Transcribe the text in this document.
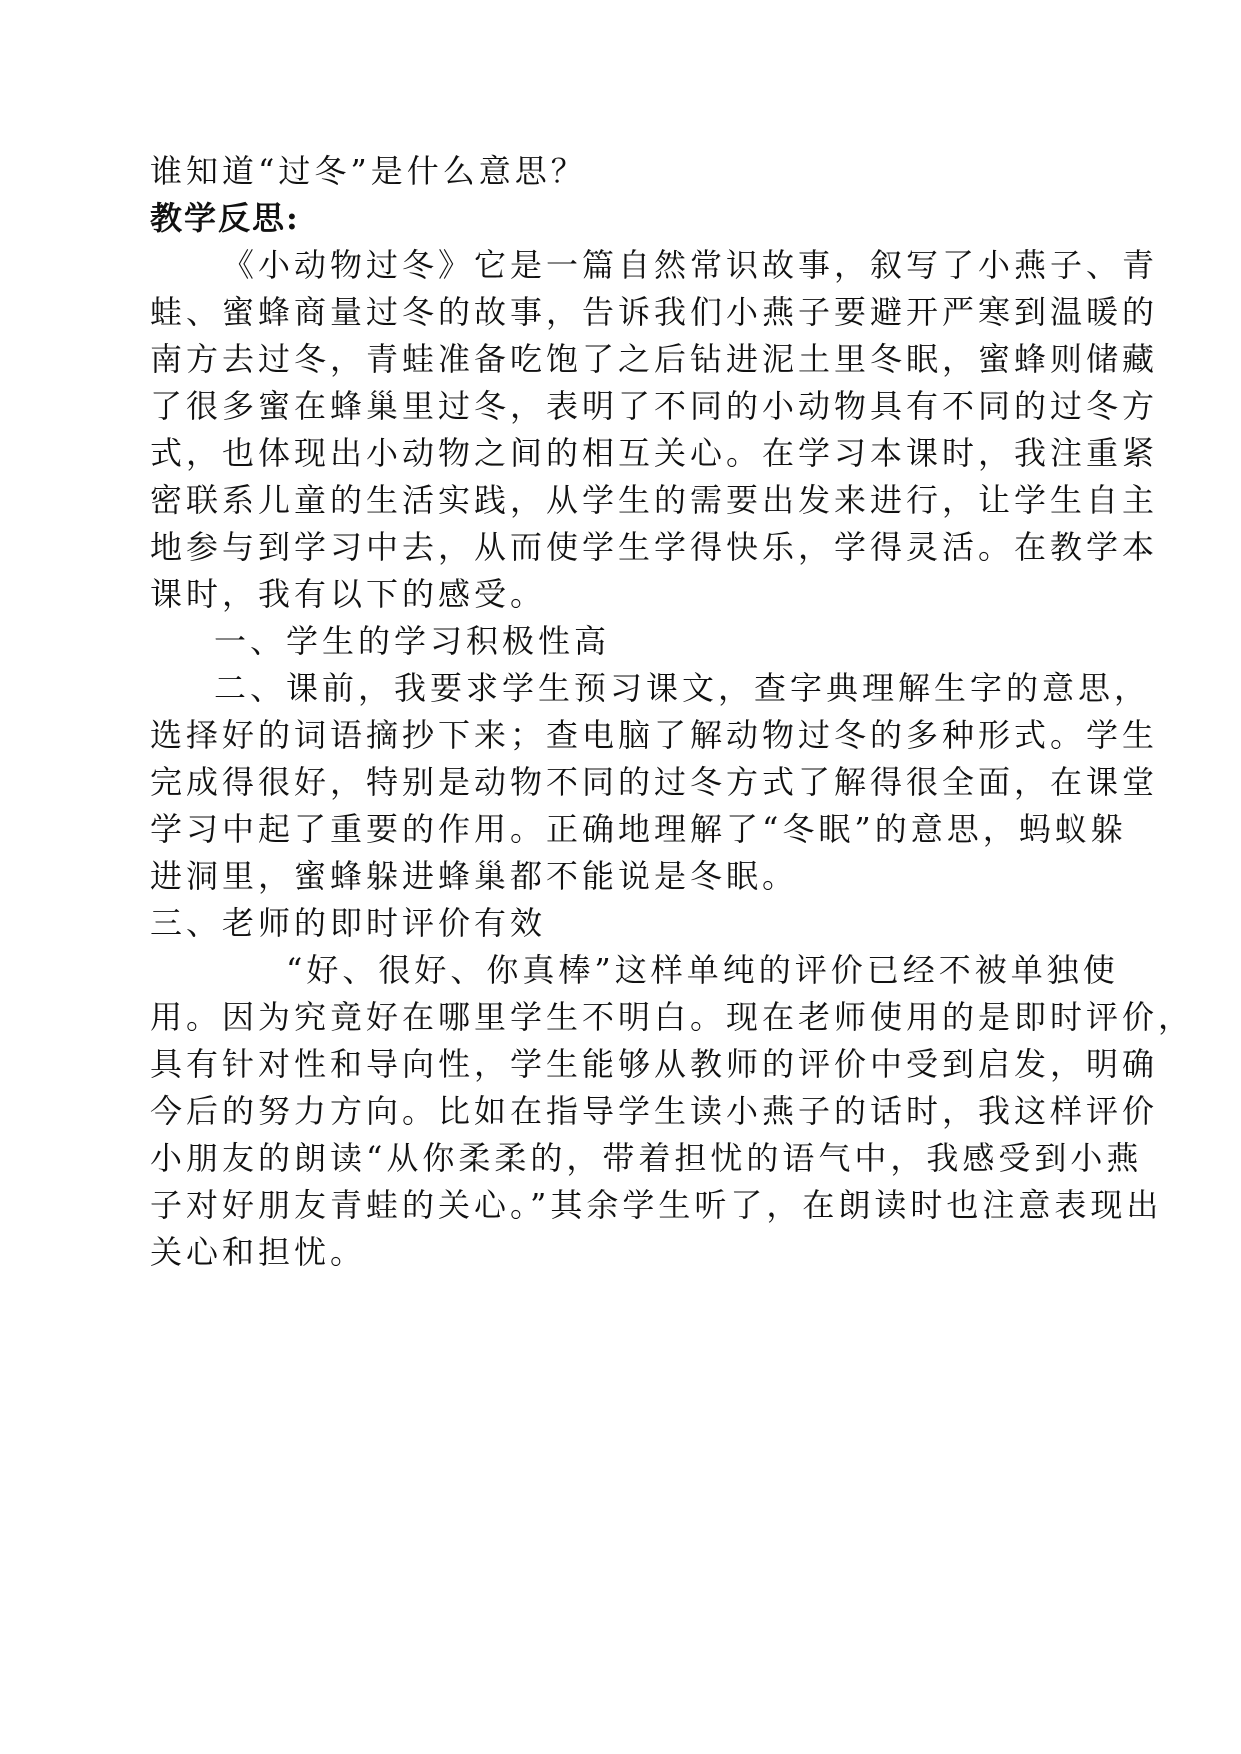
谁知道“过冬”是什么意思？
教学反思:
《小动物过冬》它是一篇自然常识故事，叙写了小燕子、青
蛙、蜜蜂商量过冬的故事，告诉我们小燕子要避开严寒到温暖的
南方去过冬，青蛙准备吃饱了之后钻进泥土里冬眠，蜜蜂则储藏
了很多蜜在蜂巢里过冬，表明了不同的小动物具有不同的过冬方
式，也体现出小动物之间的相互关心。在学习本课时，我注重紧
密联系儿童的生活实践，从学生的需要出发来进行，让学生自主
地参与到学习中去，从而使学生学得快乐，学得灵活。在教学本
课时，我有以下的感受。
一、学生的学习积极性高
二、课前，我要求学生预习课文，查字典理解生字的意思，
选择好的词语摘抄下来；查电脑了解动物过冬的多种形式。学生
完成得很好，特别是动物不同的过冬方式了解得很全面，在课堂
学习中起了重要的作用。正确地理解了“冬眠”的意思，蚂蚁躲
进洞里，蜜蜂躲进蜂巢都不能说是冬眠。
三、老师的即时评价有效
“好、很好、你真棒”这样单纯的评价已经不被单独使
用。因为究竟好在哪里学生不明白。现在老师使用的是即时评价，
具有针对性和导向性，学生能够从教师的评价中受到启发，明确
今后的努力方向。比如在指导学生读小燕子的话时，我这样评价
小朋友的朗读“从你柔柔的，带着担忧的语气中，我感受到小燕
子对好朋友青蛙的关心。”其余学生听了，在朗读时也注意表现出
关心和担忧。
